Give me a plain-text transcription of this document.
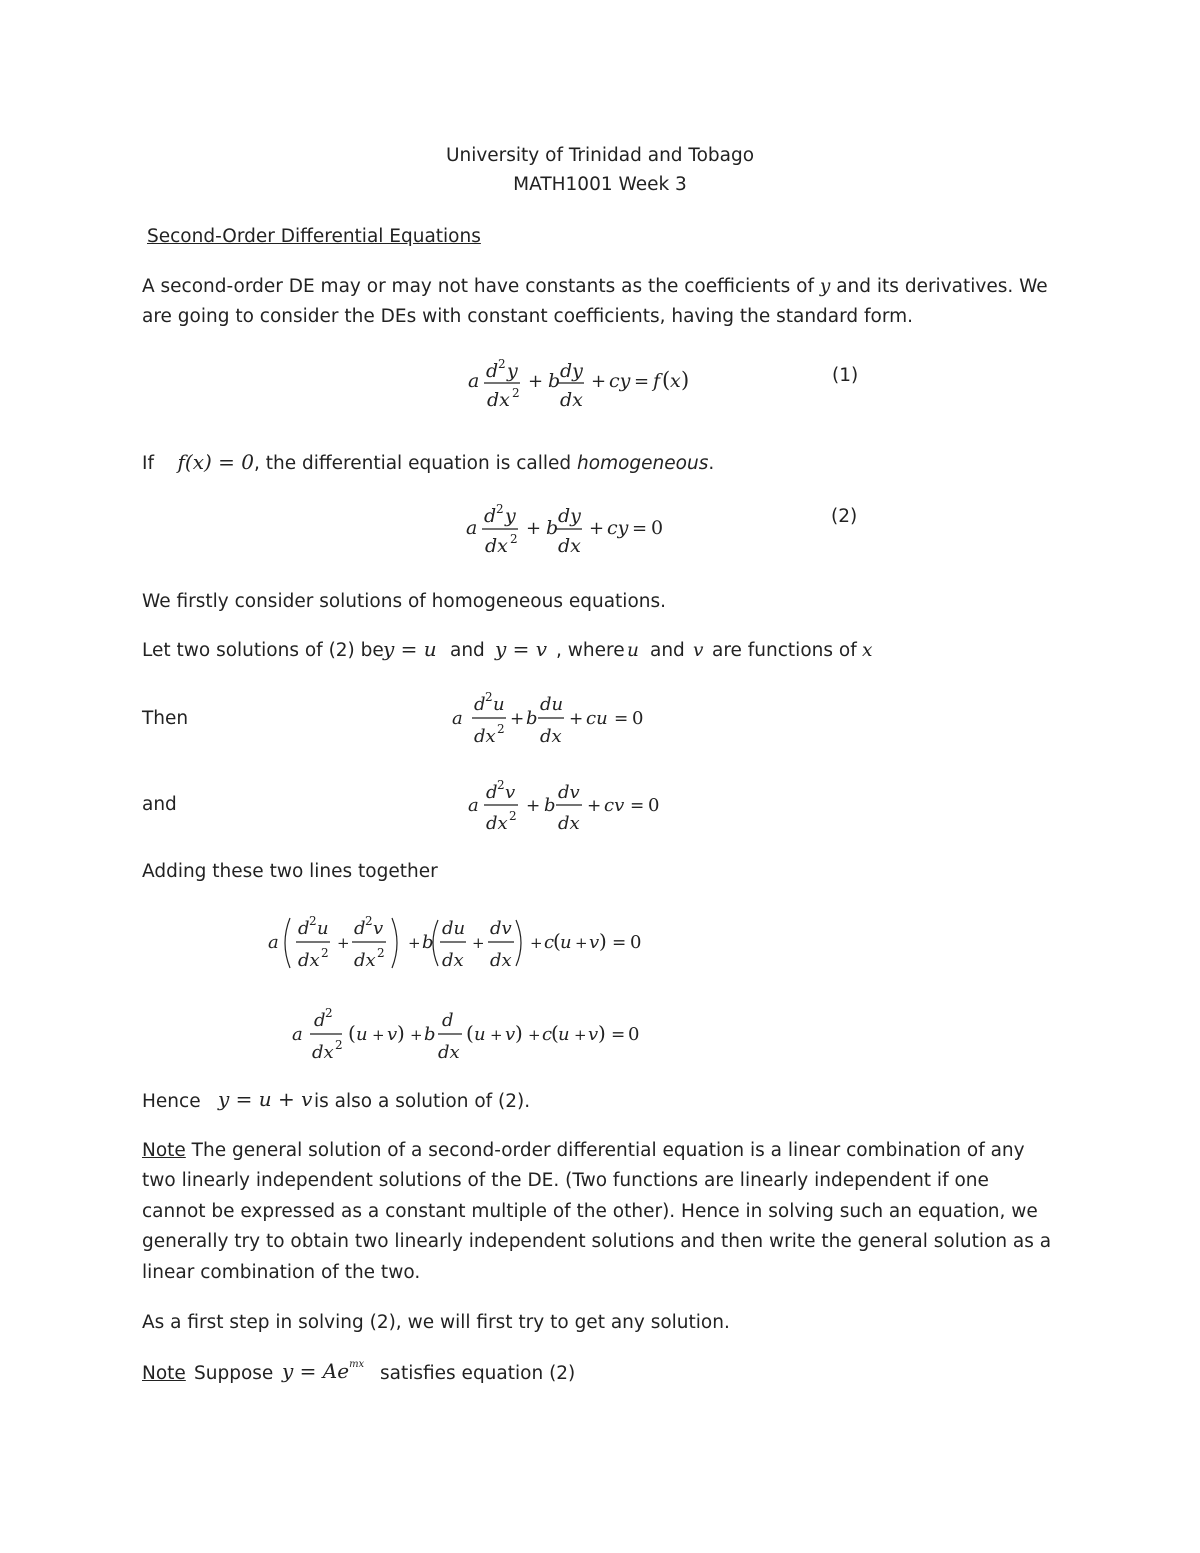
University of Trinidad and Tobago

MATH1001 Week 3

Second-Order Differential Equations

A second-order DE may or may not have constants as the coefficients of y and its derivatives. We are going to consider the DEs with constant coefficients, having the standard form.

a d 2 y
dx 2
+ b dy
dx
+ cy = f ( x )	(1)

If f(x) = 0, the differential equation is called homogeneous.

a
d 2 y
dx 2 + b
dy
dx
+ cy = 0

(2)

We firstly consider solutions of homogeneous equations.

Let two solutions of (2) be y = u and y = v , where u and v are functions of x

Then	a
d 2 u
dx 2 + b
du
dx
+ cu = 0

and	a
d 2 v
dx 2 + b
dv
dx
+ cv = 0

Adding these two lines together

a
d 2 u
dx 2
+
d 2 v
dx 2
+ b
du
dx
+
dv
dx
+ c
( u + v ) = 0
a
d 2
dx 2 ( u + v ) + b
d
dx
( u + v ) + c
( u + v ) = 0

Hence y = u + v is also a solution of (2).

Note The general solution of a second-order differential equation is a linear combination of any two linearly independent solutions of the DE. (Two functions are linearly independent if one cannot be expressed as a constant multiple of the other). Hence in solving such an equation, we generally try to obtain two linearly independent solutions and then write the general solution as a linear combination of the two.

As a first step in solving (2), we will first try to get any solution.

Note Suppose $y = Ae^{mx}$ satisfies equation (2)
